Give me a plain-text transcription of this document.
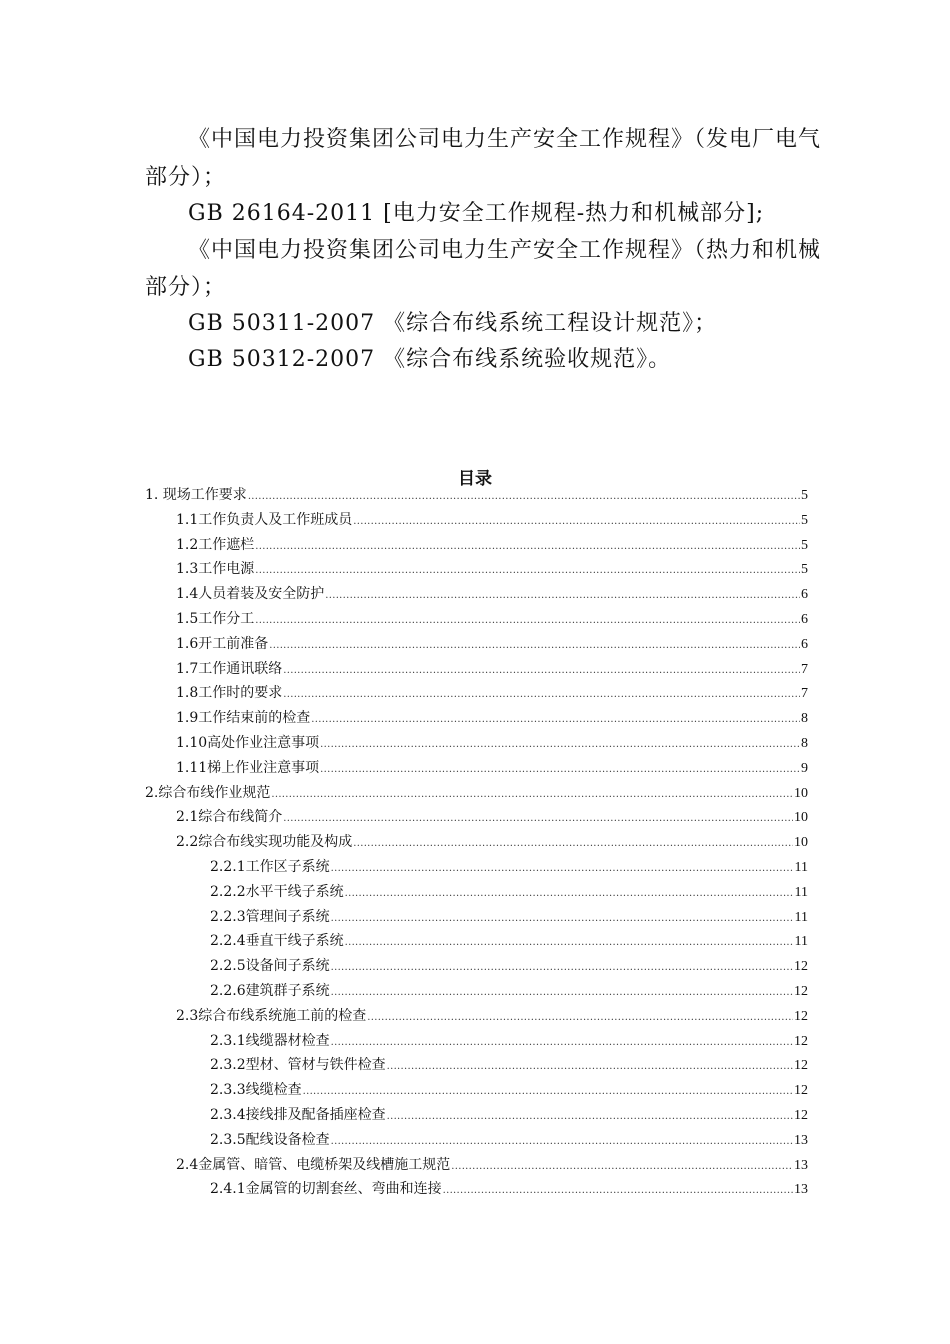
《中国电力投资集团公司电力生产安全工作规程》（发电厂电气
部分）；
GB 26164-2011 [电力安全工作规程-热力和机械部分];
《中国电力投资集团公司电力生产安全工作规程》（热力和机械
部分）；
GB 50311-2007 《综合布线系统工程设计规范》；
GB 50312-2007 《综合布线系统验收规范》。
目录
1. 现场工作要求 .....	5
1.1工作负责人及工作班成员 .....	5
1.2工作遮栏 .....	5
1.3工作电源 .....	5
1.4人员着装及安全防护 .....	6
1.5工作分工 .....	6
1.6开工前准备 .....	6
1.7工作通讯联络 .....	7
1.8工作时的要求 .....	7
1.9工作结束前的检查 .....	8
1.10高处作业注意事项 .....	8
1.11梯上作业注意事项 .....	9
2.综合布线作业规范 .....	10
2.1综合布线简介 .....	10
2.2综合布线实现功能及构成 .....	10
2.2.1工作区子系统 .....	11
2.2.2水平干线子系统 .....	11
2.2.3管理间子系统 .....	11
2.2.4垂直干线子系统 .....	11
2.2.5设备间子系统 .....	12
2.2.6建筑群子系统 .....	12
2.3综合布线系统施工前的检查 .....	12
2.3.1线缆器材检查 .....	12
2.3.2型材、管材与铁件检查 .....	12
2.3.3线缆检查 .....	12
2.3.4接线排及配备插座检查 .....	12
2.3.5配线设备检查 .....	13
2.4金属管、暗管、电缆桥架及线槽施工规范 .....	13
2.4.1金属管的切割套丝、弯曲和连接 .....	13
